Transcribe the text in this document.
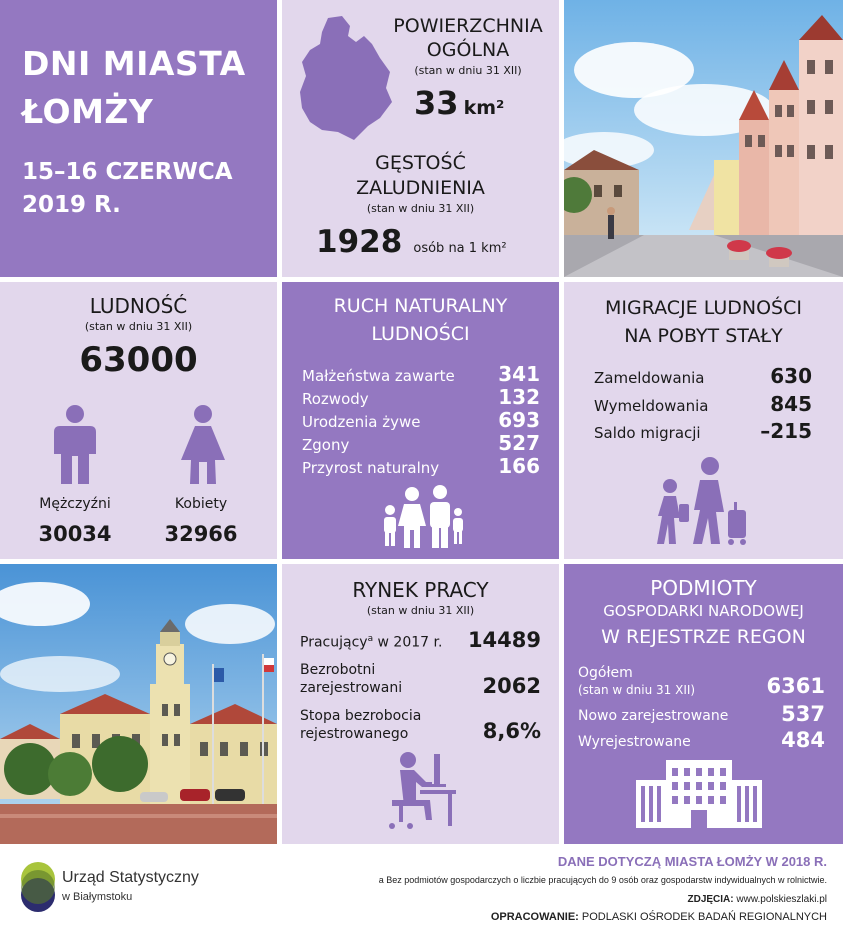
DNI MIASTA
ŁOMŻY
15–16 CZERWCA
2019 R.
POWIERZCHNIA
OGÓLNA
(stan w dniu 31 XII)
33 km²
GĘSTOŚĆ
ZALUDNIENIA
(stan w dniu 31 XII)
1928 osób na 1 km²
LUDNOŚĆ
(stan w dniu 31 XII)
63000
Mężczyźni	Kobiety
30034	32966
RUCH NATURALNY
LUDNOŚCI
Małżeństwa zawarte 341
Rozwody	132
Urodzenia żywe	693
Zgony	527
Przyrost naturalny	166
MIGRACJE LUDNOŚCI
NA POBYT STAŁY
Zameldowania	630
Wymeldowania	845
Saldo migracji	–215
RYNEK PRACY
(stan w dniu 31 XII)
Pracujący$^a$ w 2017 r. 14489
Bezrobotni
zarejestrowani	2062
Stopa bezrobocia
rejestrowanego	8,6%
PODMIOTY
GOSPODARKI NARODOWEJ
W REJESTRZE REGON
Ogółem
(stan w dniu 31 XII)	6361
Nowo zarejestrowane	537
Wyrejestrowane	484
Urząd Statystyczny
w Białymstoku
DANE DOTYCZĄ MIASTA ŁOMŻY W 2018 R.
a Bez podmiotów gospodarczych o liczbie pracujących do 9 osób oraz gospodarstw indywidualnych w rolnictwie.
ZDJĘCIA: www.polskieszlaki.pl
OPRACOWANIE: PODLASKI OŚRODEK BADAŃ REGIONALNYCH
